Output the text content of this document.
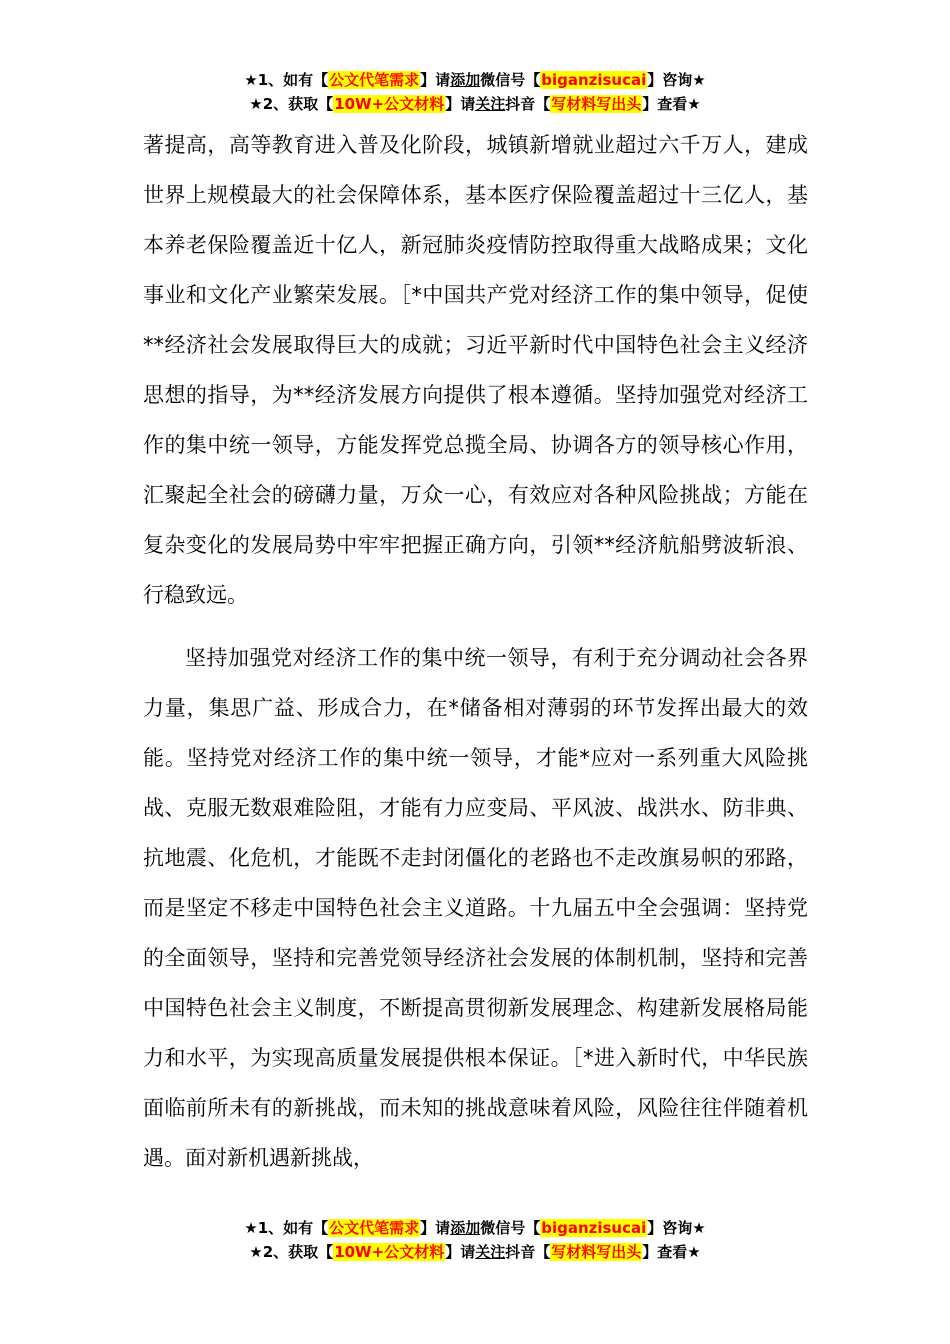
★1、如有【公文代笔需求】请添加微信号【biganzisucai】咨询★
★2、获取【10W+公文材料】请关注抖音【写材料写出头】查看★

著提高，高等教育进入普及化阶段，城镇新增就业超过六千万人，建成世界上规模最大的社会保障体系，基本医疗保险覆盖超过十三亿人，基本养老保险覆盖近十亿人，新冠肺炎疫情防控取得重大战略成果；文化事业和文化产业繁荣发展。［*中国共产党对经济工作的集中领导，促使**经济社会发展取得巨大的成就；习近平新时代中国特色社会主义经济思想的指导，为**经济发展方向提供了根本遵循。坚持加强党对经济工作的集中统一领导，方能发挥党总揽全局、协调各方的领导核心作用，汇聚起全社会的磅礴力量，万众一心，有效应对各种风险挑战；方能在复杂变化的发展局势中牢牢把握正确方向，引领**经济航船劈波斩浪、行稳致远。

坚持加强党对经济工作的集中统一领导，有利于充分调动社会各界力量，集思广益、形成合力，在*储备相对薄弱的环节发挥出最大的效能。坚持党对经济工作的集中统一领导，才能*应对一系列重大风险挑战、克服无数艰难险阻，才能有力应变局、平风波、战洪水、防非典、抗地震、化危机，才能既不走封闭僵化的老路也不走改旗易帜的邪路，而是坚定不移走中国特色社会主义道路。十九届五中全会强调：坚持党的全面领导，坚持和完善党领导经济社会发展的体制机制，坚持和完善中国特色社会主义制度，不断提高贯彻新发展理念、构建新发展格局能力和水平，为实现高质量发展提供根本保证。［*进入新时代，中华民族面临前所未有的新挑战，而未知的挑战意味着风险，风险往往伴随着机遇。面对新机遇新挑战，

★1、如有【公文代笔需求】请添加微信号【biganzisucai】咨询★
★2、获取【10W+公文材料】请关注抖音【写材料写出头】查看★
